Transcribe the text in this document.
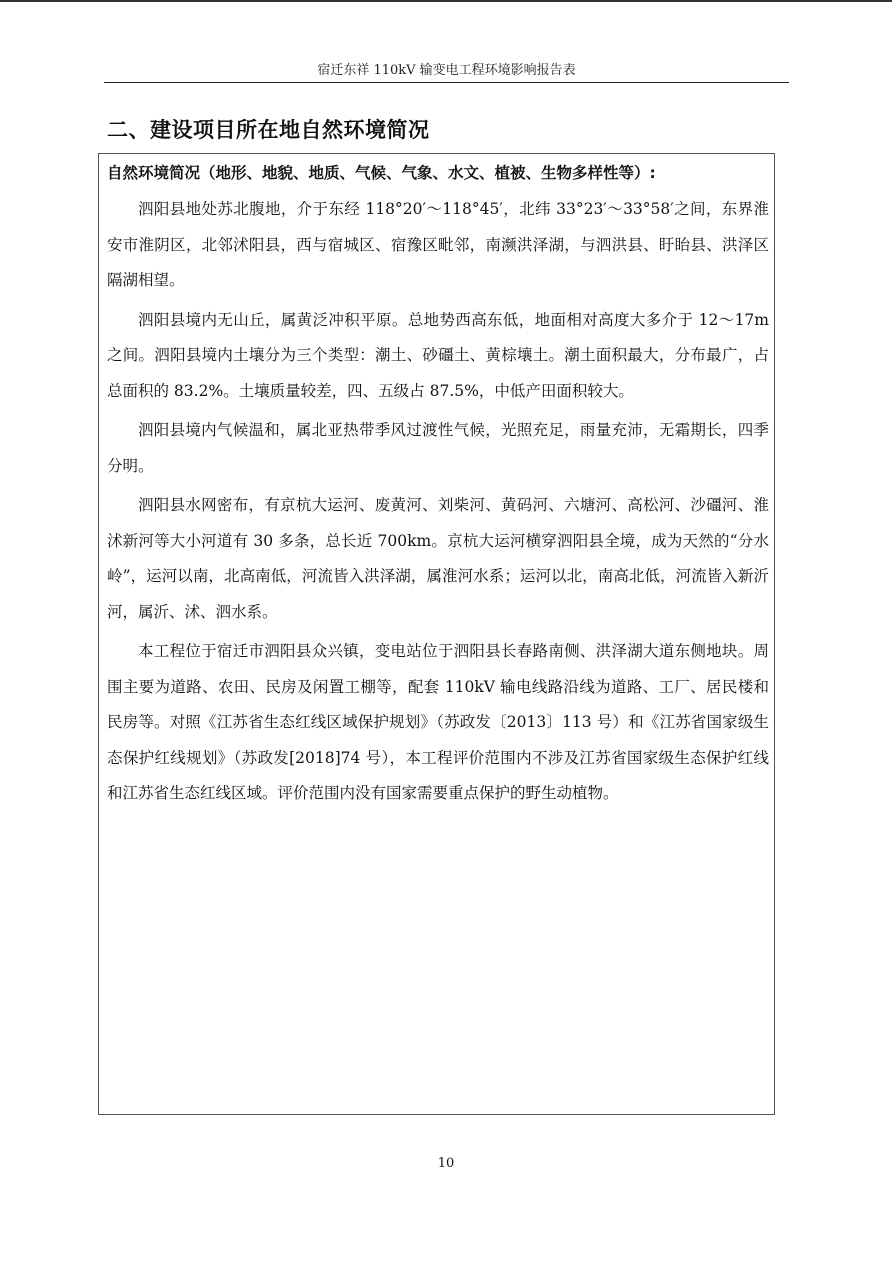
宿迁东祥 110kV 输变电工程环境影响报告表
二、建设项目所在地自然环境简况
自然环境简况（地形、地貌、地质、气候、气象、水文、植被、生物多样性等）:

泗阳县地处苏北腹地，介于东经 118°20′～118°45′，北纬 33°23′～33°58′之间，东界淮安市淮阴区，北邻沭阳县，西与宿城区、宿豫区毗邻，南濒洪泽湖，与泗洪县、盱眙县、洪泽区隔湖相望。

泗阳县境内无山丘，属黄泛冲积平原。总地势西高东低，地面相对高度大多介于 12～17m 之间。泗阳县境内土壤分为三个类型：潮土、砂礓土、黄棕壤土。潮土面积最大，分布最广，占总面积的 83.2%。土壤质量较差，四、五级占 87.5%，中低产田面积较大。

泗阳县境内气候温和，属北亚热带季风过渡性气候，光照充足，雨量充沛，无霜期长，四季分明。

泗阳县水网密布，有京杭大运河、废黄河、刘柴河、黄码河、六塘河、高松河、沙礓河、淮沭新河等大小河道有 30 多条，总长近 700km。京杭大运河横穿泗阳县全境，成为天然的“分水岭”，运河以南，北高南低，河流皆入洪泽湖，属淮河水系；运河以北，南高北低，河流皆入新沂河，属沂、沭、泗水系。

本工程位于宿迁市泗阳县众兴镇，变电站位于泗阳县长春路南侧、洪泽湖大道东侧地块。周围主要为道路、农田、民房及闲置工棚等，配套 110kV 输电线路沿线为道路、工厂、居民楼和民房等。对照《江苏省生态红线区域保护规划》（苏政发〔2013〕113 号）和《江苏省国家级生态保护红线规划》（苏政发[2018]74 号），本工程评价范围内不涉及江苏省国家级生态保护红线和江苏省生态红线区域。评价范围内没有国家需要重点保护的野生动植物。

10
